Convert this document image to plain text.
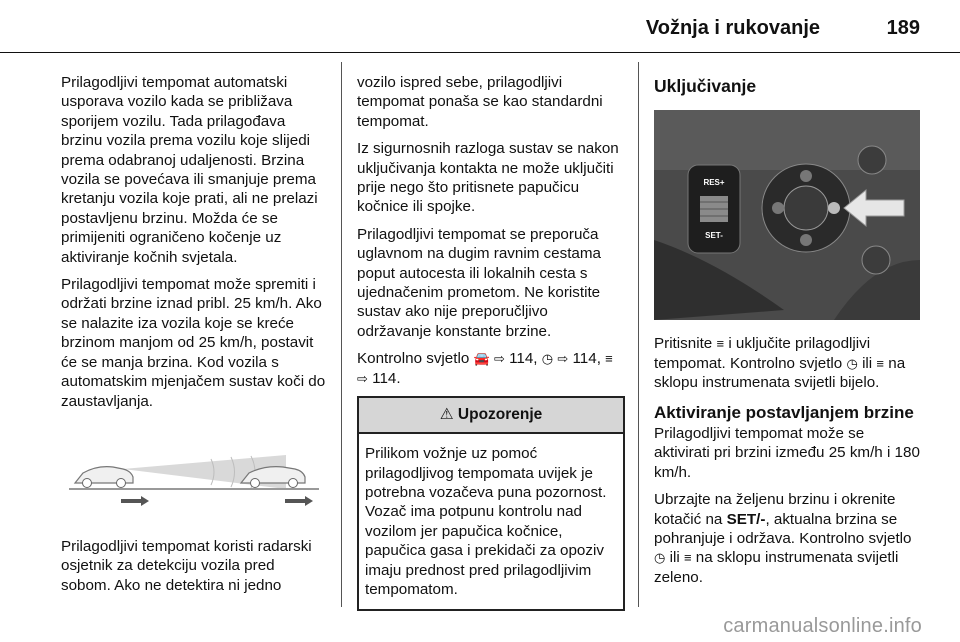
Vožnja i rukovanje	189

Prilagodljivi tempomat automatski usporava vozilo kada se približava sporijem vozilu. Tada prilagođava brzinu vozila prema vozilu koje slijedi prema odabranoj udaljenosti. Brzina vozila se povećava ili smanjuje prema kretanju vozila koje prati, ali ne prelazi postavljenu brzinu. Možda će se primijeniti ograničeno kočenje uz aktiviranje kočnih svjetala.

Prilagodljivi tempomat može spremiti i održati brzine iznad pribl. 25 km/h. Ako se nalazite iza vozila koje se kreće brzinom manjom od 25 km/h, postavit će se manja brzina. Kod vozila s automatskim mjenjačem sustav koči do zaustavljanja.

Prilagodljivi tempomat koristi radarski osjetnik za detekciju vozila pred sobom. Ako ne detektira ni jedno

vozilo ispred sebe, prilagodljivi tempomat ponaša se kao standardni tempomat.

Iz sigurnosnih razloga sustav se nakon uključivanja kontakta ne može uključiti prije nego što pritisnete papučicu kočnice ili spojke.

Prilagodljivi tempomat se preporuča uglavnom na dugim ravnim cestama poput autocesta ili lokalnih cesta s ujednačenim prometom. Ne koristite sustav ako nije preporučljivo održavanje konstante brzine.

Kontrolno svjetlo 🚘 ⇨ 114, ◷ ⇨ 114, ≡ ⇨ 114.

⚠ Upozorenje
Prilikom vožnje uz pomoć prilagodljivog tempomata uvijek je potrebna vozačeva puna pozornost. Vozač ima potpunu kontrolu nad vozilom jer papučica kočnice, papučica gasa i prekidači za opoziv imaju prednost pred prilagodljivim tempomatom.
Uključivanje
RES+
SET-

Pritisnite ≡ i uključite prilagodljivi tempomat. Kontrolno svjetlo ◷ ili ≡ na sklopu instrumenata svijetli bijelo.

Aktiviranje postavljanjem brzine

Prilagodljivi tempomat može se aktivirati pri brzini između 25 km/h i 180 km/h.

Ubrzajte na željenu brzinu i okrenite kotačić na SET/-, aktualna brzina se pohranjuje i održava. Kontrolno svjetlo ◷ ili ≡ na sklopu instrumenata svijetli zeleno.

carmanualsonline.info
